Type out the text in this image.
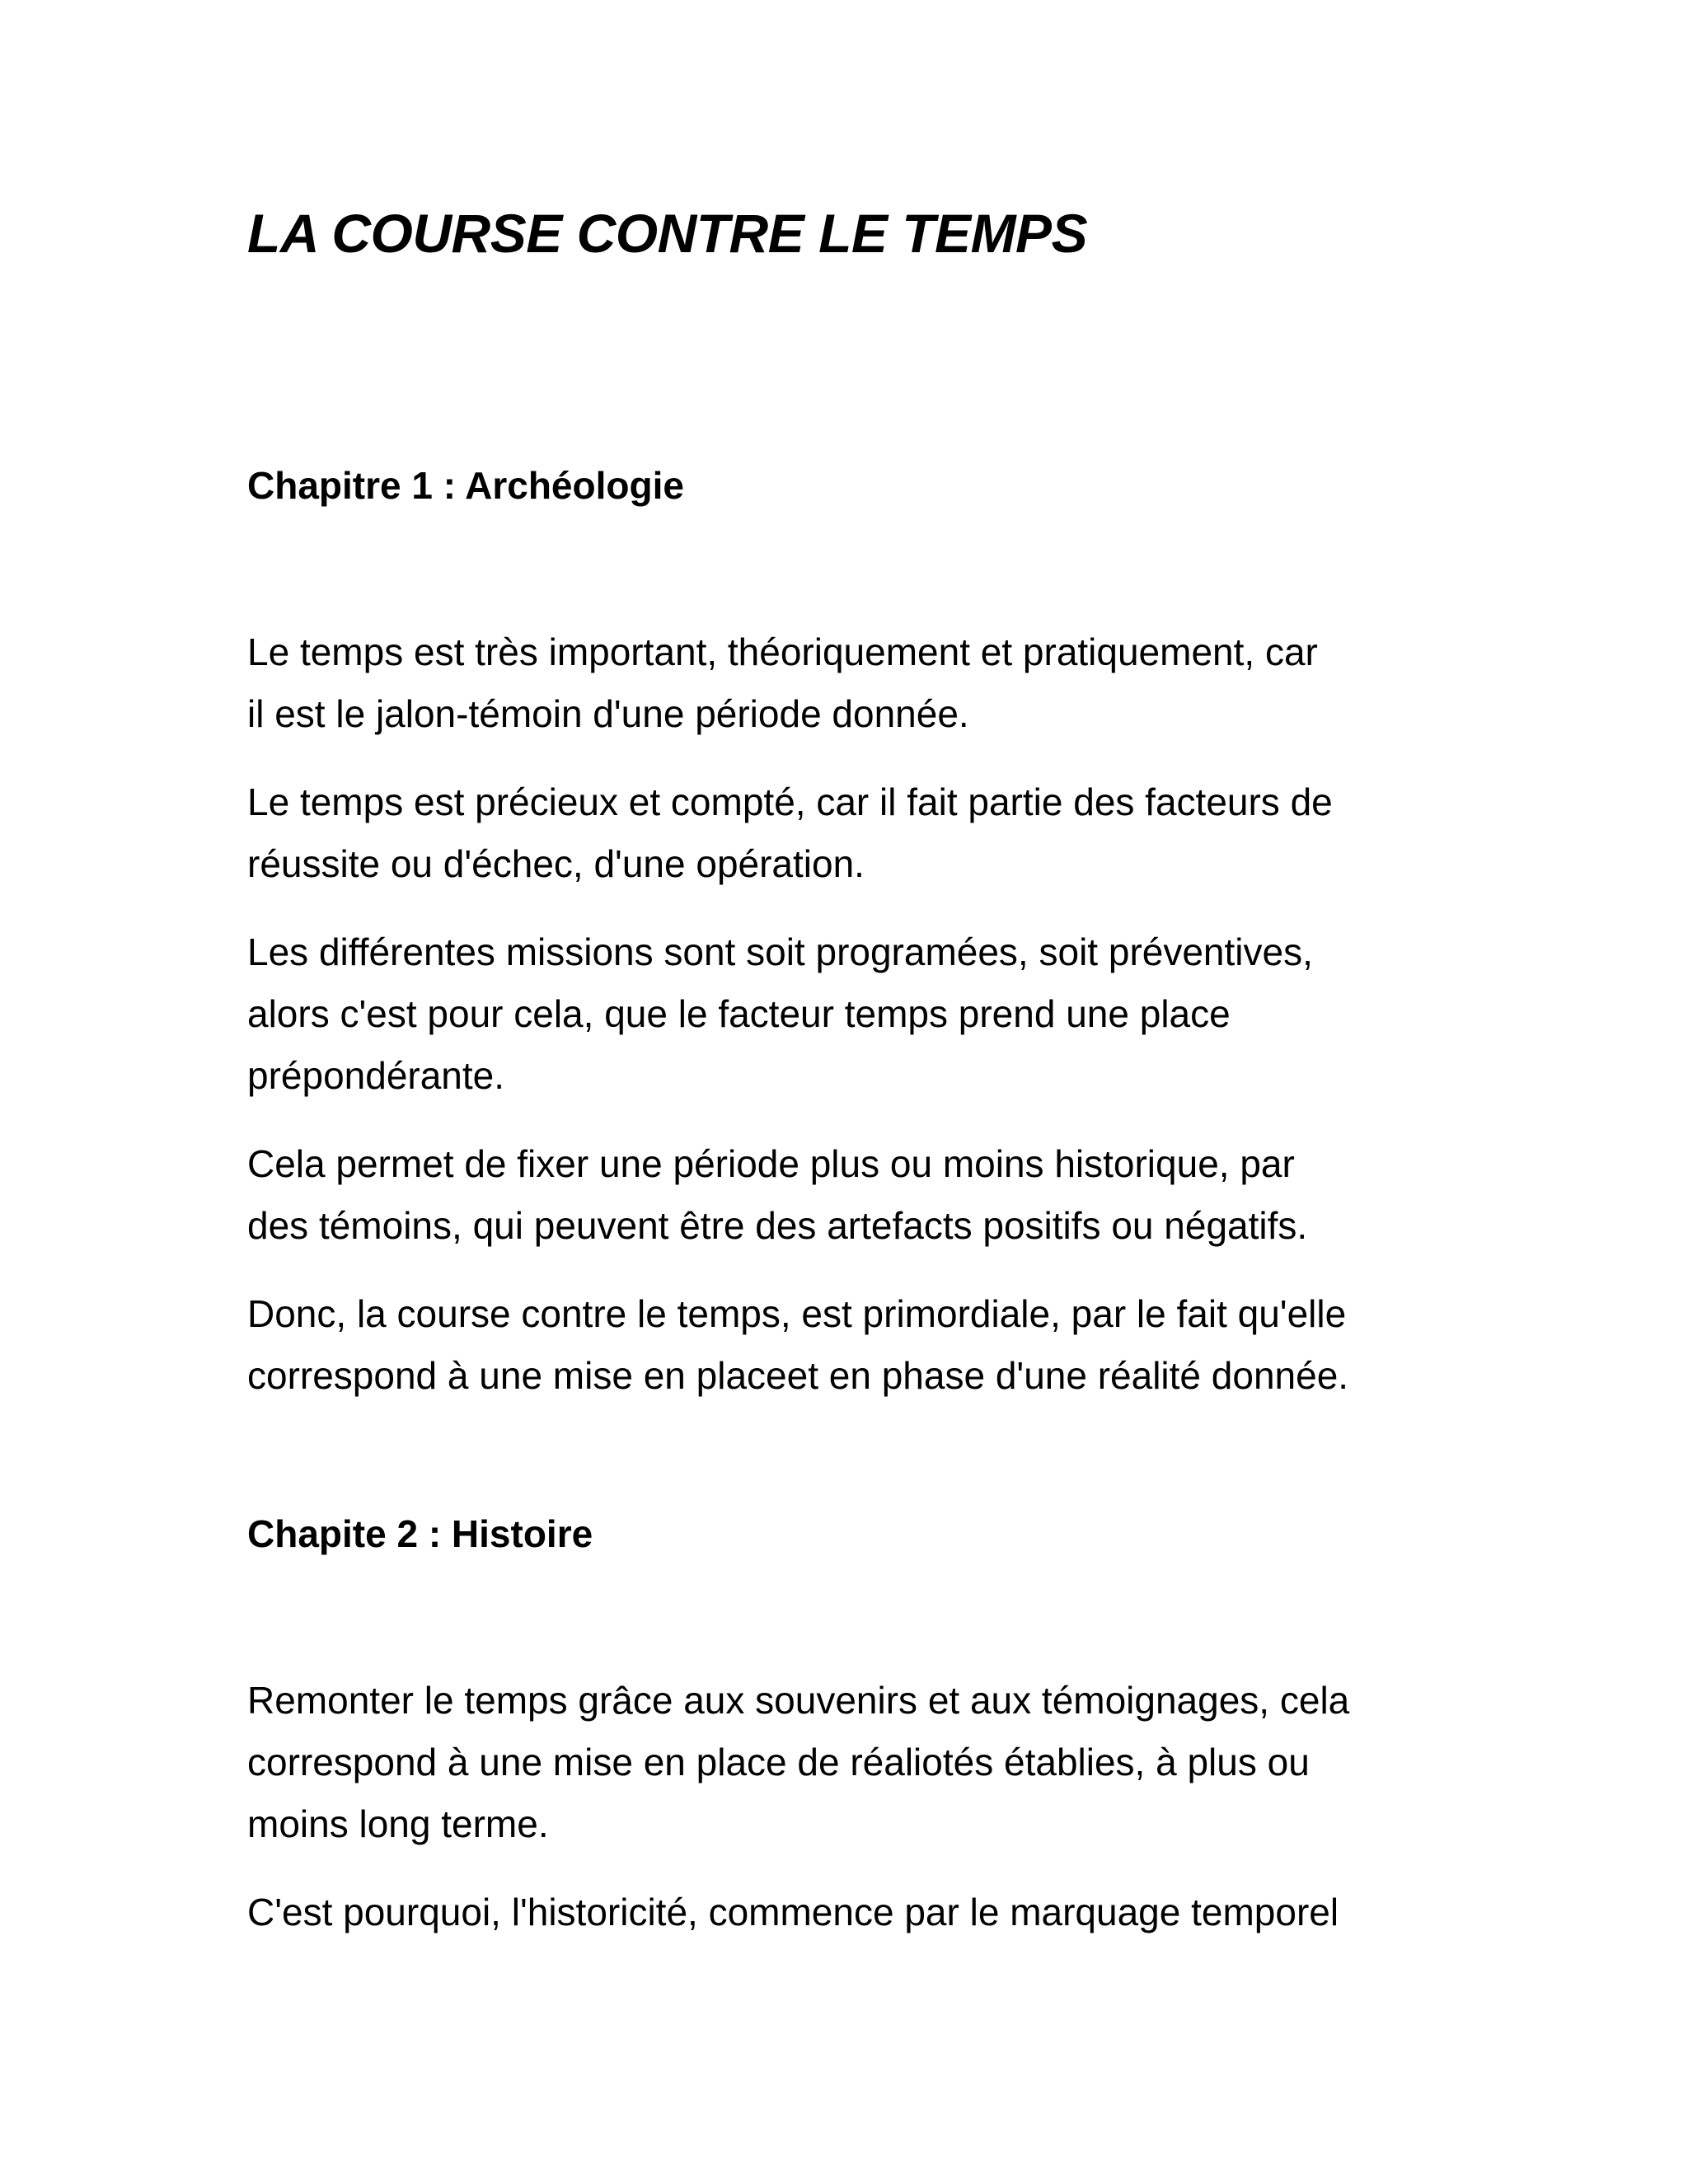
LA COURSE CONTRE LE TEMPS
Chapitre 1 : Archéologie

Le temps est très important, théoriquement et pratiquement, car
il est le jalon-témoin d'une période donnée.

Le temps est précieux et compté, car il fait partie des facteurs de
réussite ou d'échec, d'une opération.

Les différentes missions sont soit programées, soit préventives,
alors c'est pour cela, que le facteur temps prend une place
prépondérante.

Cela permet de fixer une période plus ou moins historique, par
des témoins, qui peuvent être des artefacts positifs ou négatifs.

Donc, la course contre le temps, est primordiale, par le fait qu'elle
correspond à une mise en placeet en phase d'une réalité donnée.

Chapite 2 : Histoire

Remonter le temps grâce aux souvenirs et aux témoignages, cela
correspond à une mise en place de réaliotés établies, à plus ou
moins long terme.

C'est pourquoi, l'historicité, commence par le marquage temporel
